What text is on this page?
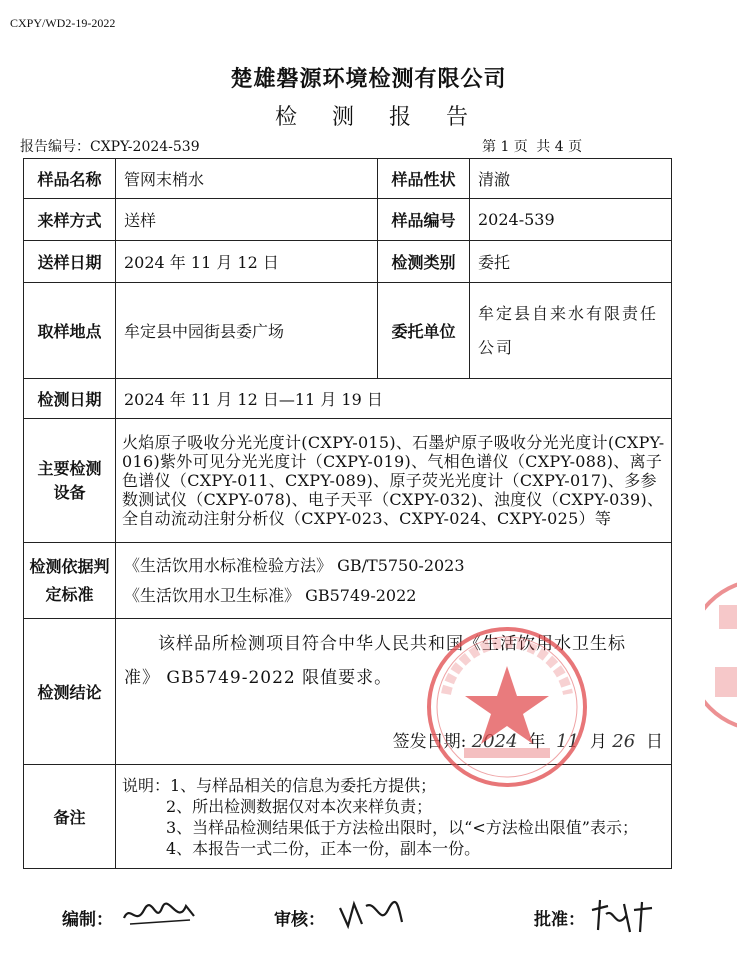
CXPY/WD2-19-2022
楚雄磐源环境检测有限公司
检 测 报 告
报告编号：CXPY-2024-539	第 1 页 共 4 页
样品名称	管网末梢水	样品性状	清澈
来样方式	送样	样品编号	2024-539
送样日期	2024 年 11 月 12 日	检测类别	委托
取样地点	牟定县中园街县委广场	委托单位	牟定县自来水有限责任公司
检测日期	2024 年 11 月 12 日—11 月 19 日		
主要检测设备	火焰原子吸收分光光度计(CXPY-015)、石墨炉原子吸收分光光度计(CXPY-016)紫外可见分光光度计（CXPY-019)、气相色谱仪（CXPY-088)、离子色谱仪（CXPY-011、CXPY-089)、原子荧光光度计（CXPY-017)、多参数测试仪（CXPY-078)、电子天平（CXPY-032)、浊度仪（CXPY-039)、全自动流动注射分析仪（CXPY-023、CXPY-024、CXPY-025）等		
检测依据判定标准	《生活饮用水标准检验方法》 GB/T5750-2023
《生活饮用水卫生标准》 GB5749-2022		

检测结论	该样品所检测项目符合中华人民共和国《生活饮用水卫生标准》 GB5749-2022 限值要求。
签发日期: 2024  年  11  月 26  日		

备注	说明：1、与样品相关的信息为委托方提供；
2、所出检测数据仅对本次来样负责；
3、当样品检测结果低于方法检出限时，以“<方法检出限值”表示；
4、本报告一式二份，正本一份，副本一份。		
编制：	审核：	批准：
